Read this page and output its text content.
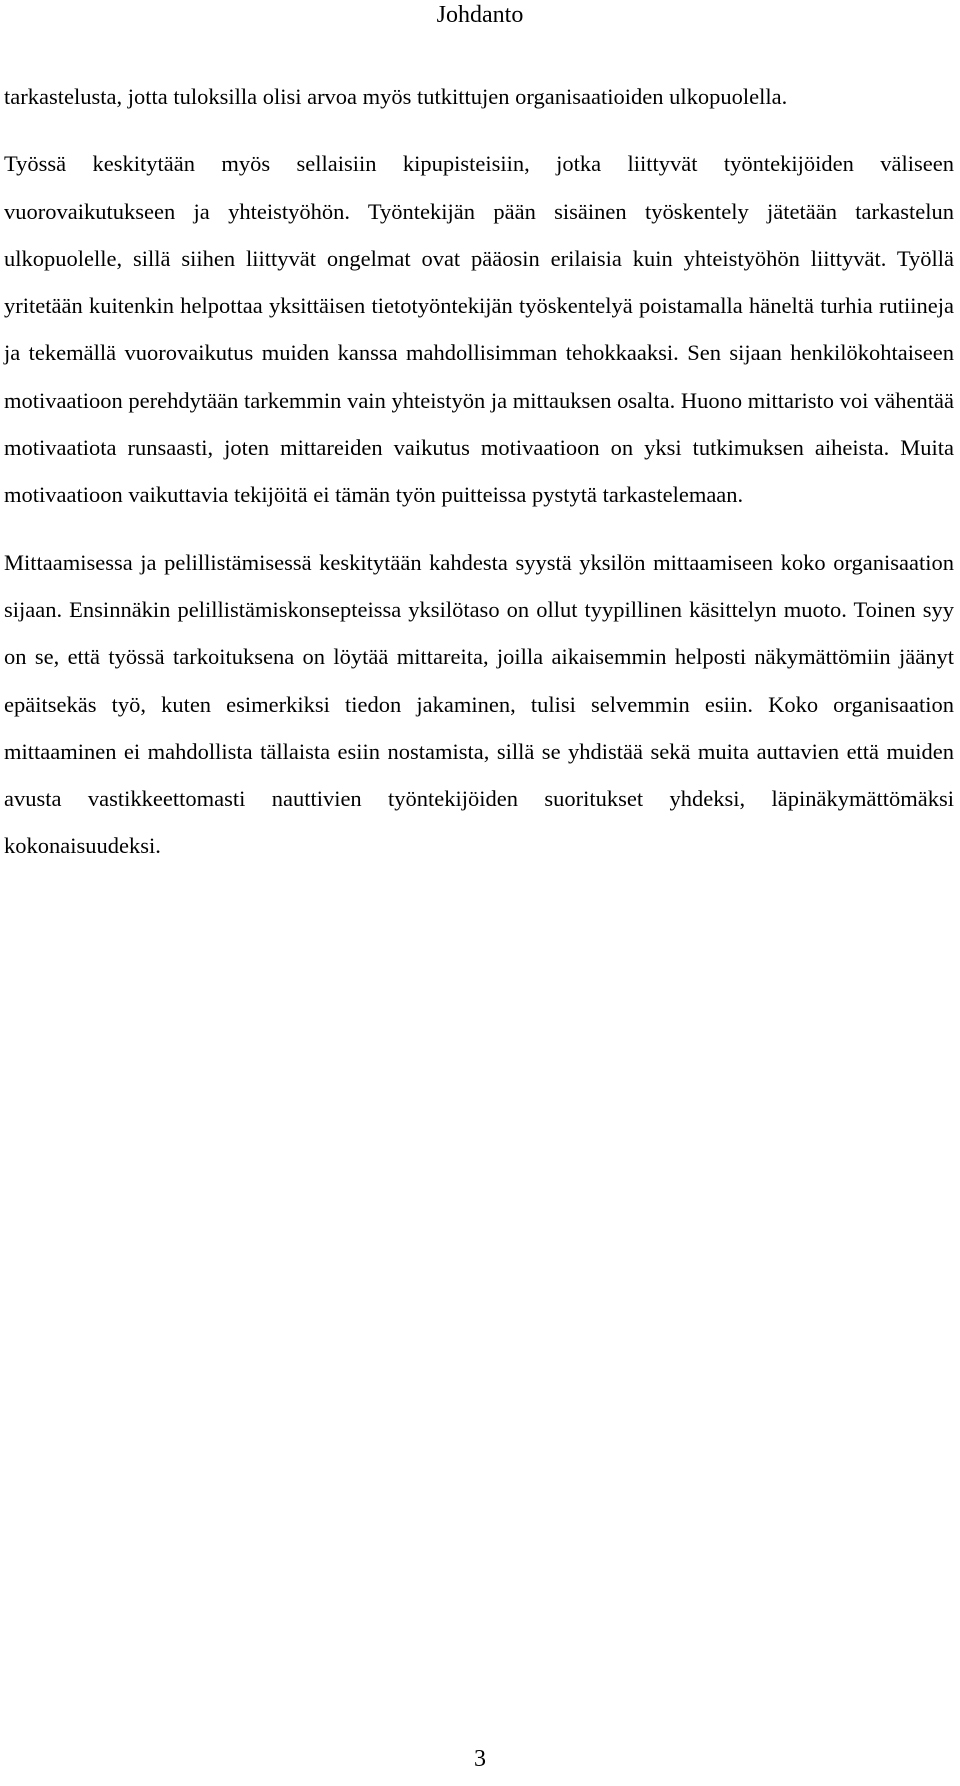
Johdanto

tarkastelusta, jotta tuloksilla olisi arvoa myös tutkittujen organisaatioiden ulkopuolella.

Työssä keskitytään myös sellaisiin kipupisteisiin, jotka liittyvät työntekijöiden väliseen vuorovaikutukseen ja yhteistyöhön. Työntekijän pään sisäinen työskentely jätetään tarkastelun ulkopuolelle, sillä siihen liittyvät ongelmat ovat pääosin erilaisia kuin yhteistyöhön liittyvät. Työllä yritetään kuitenkin helpottaa yksittäisen tietotyöntekijän työskentelyä poistamalla häneltä turhia rutiineja ja tekemällä vuorovaikutus muiden kanssa mahdollisimman tehokkaaksi. Sen sijaan henkilökohtaiseen motivaatioon perehdytään tarkemmin vain yhteistyön ja mittauksen osalta. Huono mittaristo voi vähentää motivaatiota runsaasti, joten mittareiden vaikutus motivaatioon on yksi tutkimuksen aiheista. Muita motivaatioon vaikuttavia tekijöitä ei tämän työn puitteissa pystytä tarkastelemaan.

Mittaamisessa ja pelillistämisessä keskitytään kahdesta syystä yksilön mittaamiseen koko organisaation sijaan. Ensinnäkin pelillistämiskonsepteissa yksilötaso on ollut tyypillinen käsittelyn muoto. Toinen syy on se, että työssä tarkoituksena on löytää mittareita, joilla aikaisemmin helposti näkymättömiin jäänyt epäitsekäs työ, kuten esimerkiksi tiedon jakaminen, tulisi selvemmin esiin. Koko organisaation mittaaminen ei mahdollista tällaista esiin nostamista, sillä se yhdistää sekä muita auttavien että muiden avusta vastikkeettomasti nauttivien työntekijöiden suoritukset yhdeksi, läpinäkymättömäksi kokonaisuudeksi.

3
